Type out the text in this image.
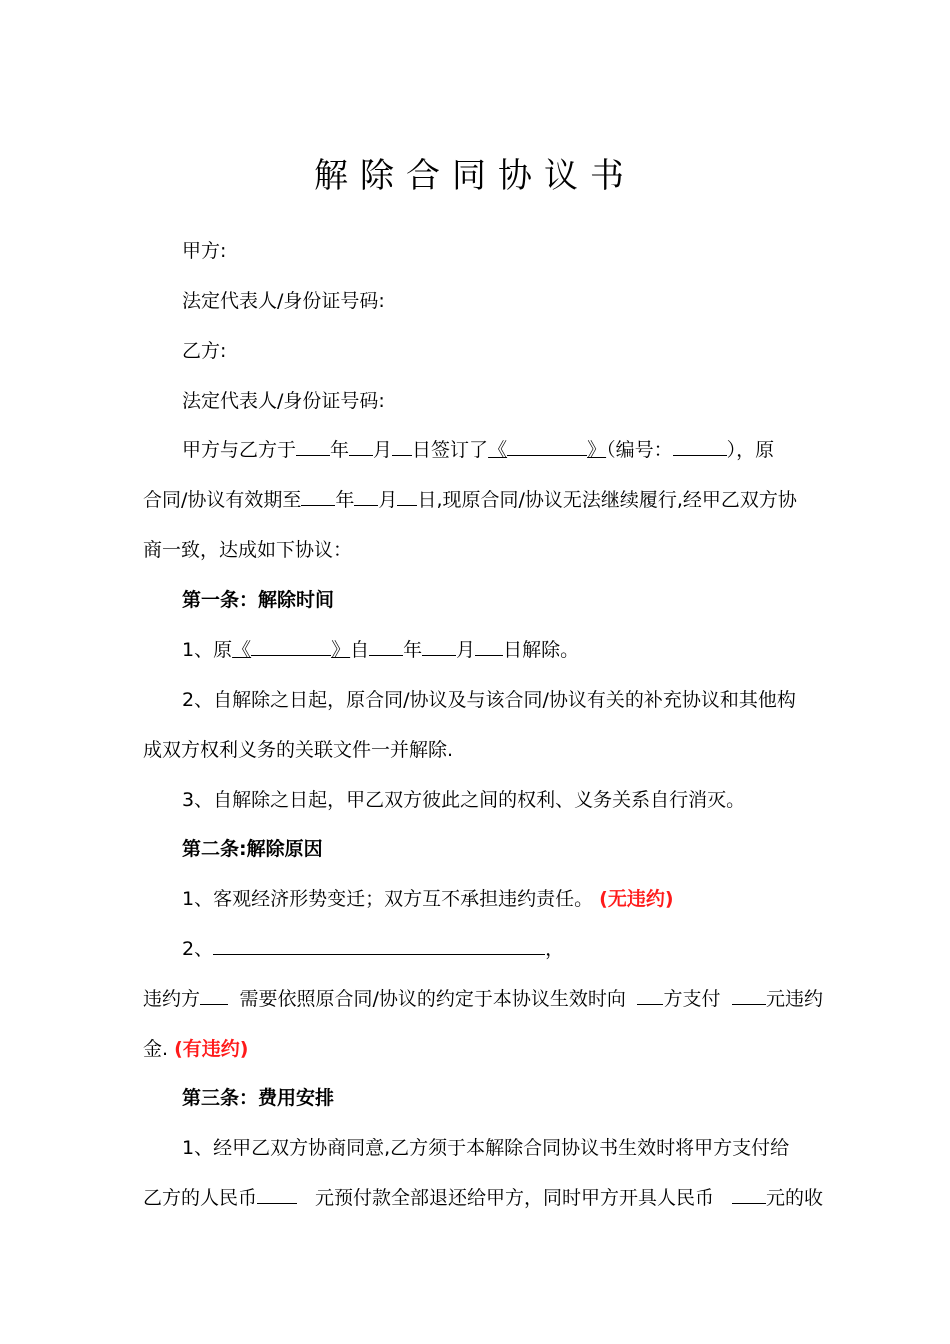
解除合同协议书
甲方:
法定代表人/身份证号码:
乙方:
法定代表人/身份证号码:
甲方与乙方于 年 月 日签订了《	》（编号：	），原
合同/协议有效期至 年 月 日,现原合同/协议无法继续履行,经甲乙双方协
商一致，达成如下协议：
第一条：解除时间
1、原《	》自 年 月 日解除。
2、自解除之日起，原合同/协议及与该合同/协议有关的补充协议和其他构
成双方权利义务的关联文件一并解除.
3、自解除之日起，甲乙双方彼此之间的权利、义务关系自行消灭。
第二条:解除原因
1、客观经济形势变迁；双方互不承担违约责任。 (无违约)
2、	，
违约方	需要依照原合同/协议的约定于本协议生效时向	方支付	元违约
金. (有违约)
第三条：费用安排
1、经甲乙双方协商同意,乙方须于本解除合同协议书生效时将甲方支付给
乙方的人民币	元预付款全部退还给甲方，同时甲方开具人民币	元的收
